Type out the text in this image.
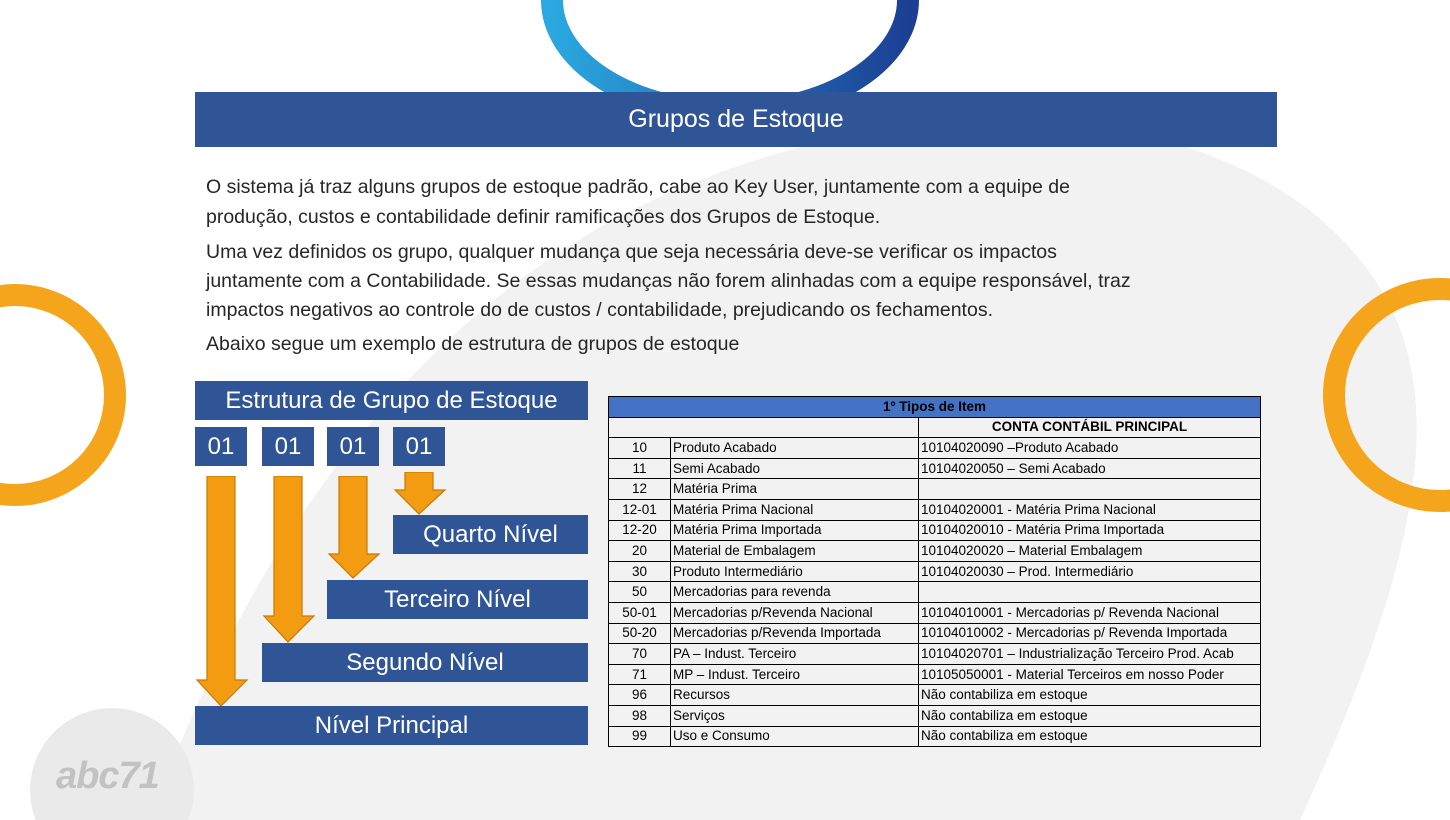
Grupos de Estoque

O sistema já traz alguns grupos de estoque padrão, cabe ao Key User, juntamente com a equipe de

produção, custos e contabilidade definir ramificações dos Grupos de Estoque.

Uma vez definidos os grupo, qualquer mudança que seja necessária deve-se verificar os impactos

juntamente com a Contabilidade. Se essas mudanças não forem alinhadas com a equipe responsável, traz

impactos negativos ao controle do de custos / contabilidade, prejudicando os fechamentos.

Abaixo segue um exemplo de estrutura de grupos de estoque

Estrutura de Grupo de Estoque
01 01 01 01
Quarto Nível
Terceiro Nível
Segundo Nível
Nível Principal
1º Tipos de Item		
		CONTA CONTÁBIL PRINCIPAL
10	Produto Acabado	10104020090 –Produto Acabado
11	Semi Acabado	10104020050 – Semi Acabado
12	Matéria Prima	
12-01	Matéria Prima Nacional	10104020001 - Matéria Prima Nacional
12-20	Matéria Prima Importada	10104020010 - Matéria Prima Importada
20	Material de Embalagem	10104020020 – Material Embalagem
30	Produto Intermediário	10104020030 – Prod. Intermediário
50	Mercadorias para revenda	
50-01	Mercadorias p/Revenda Nacional	10104010001 - Mercadorias p/ Revenda Nacional
50-20	Mercadorias p/Revenda Importada	10104010002 - Mercadorias p/ Revenda Importada
70	PA – Indust. Terceiro	10104020701 – Industrialização Terceiro Prod. Acab
71	MP – Indust. Terceiro	10105050001 - Material Terceiros em nosso Poder
96	Recursos	Não contabiliza em estoque
98	Serviços	Não contabiliza em estoque
99	Uso e Consumo	Não contabiliza em estoque
abc71
